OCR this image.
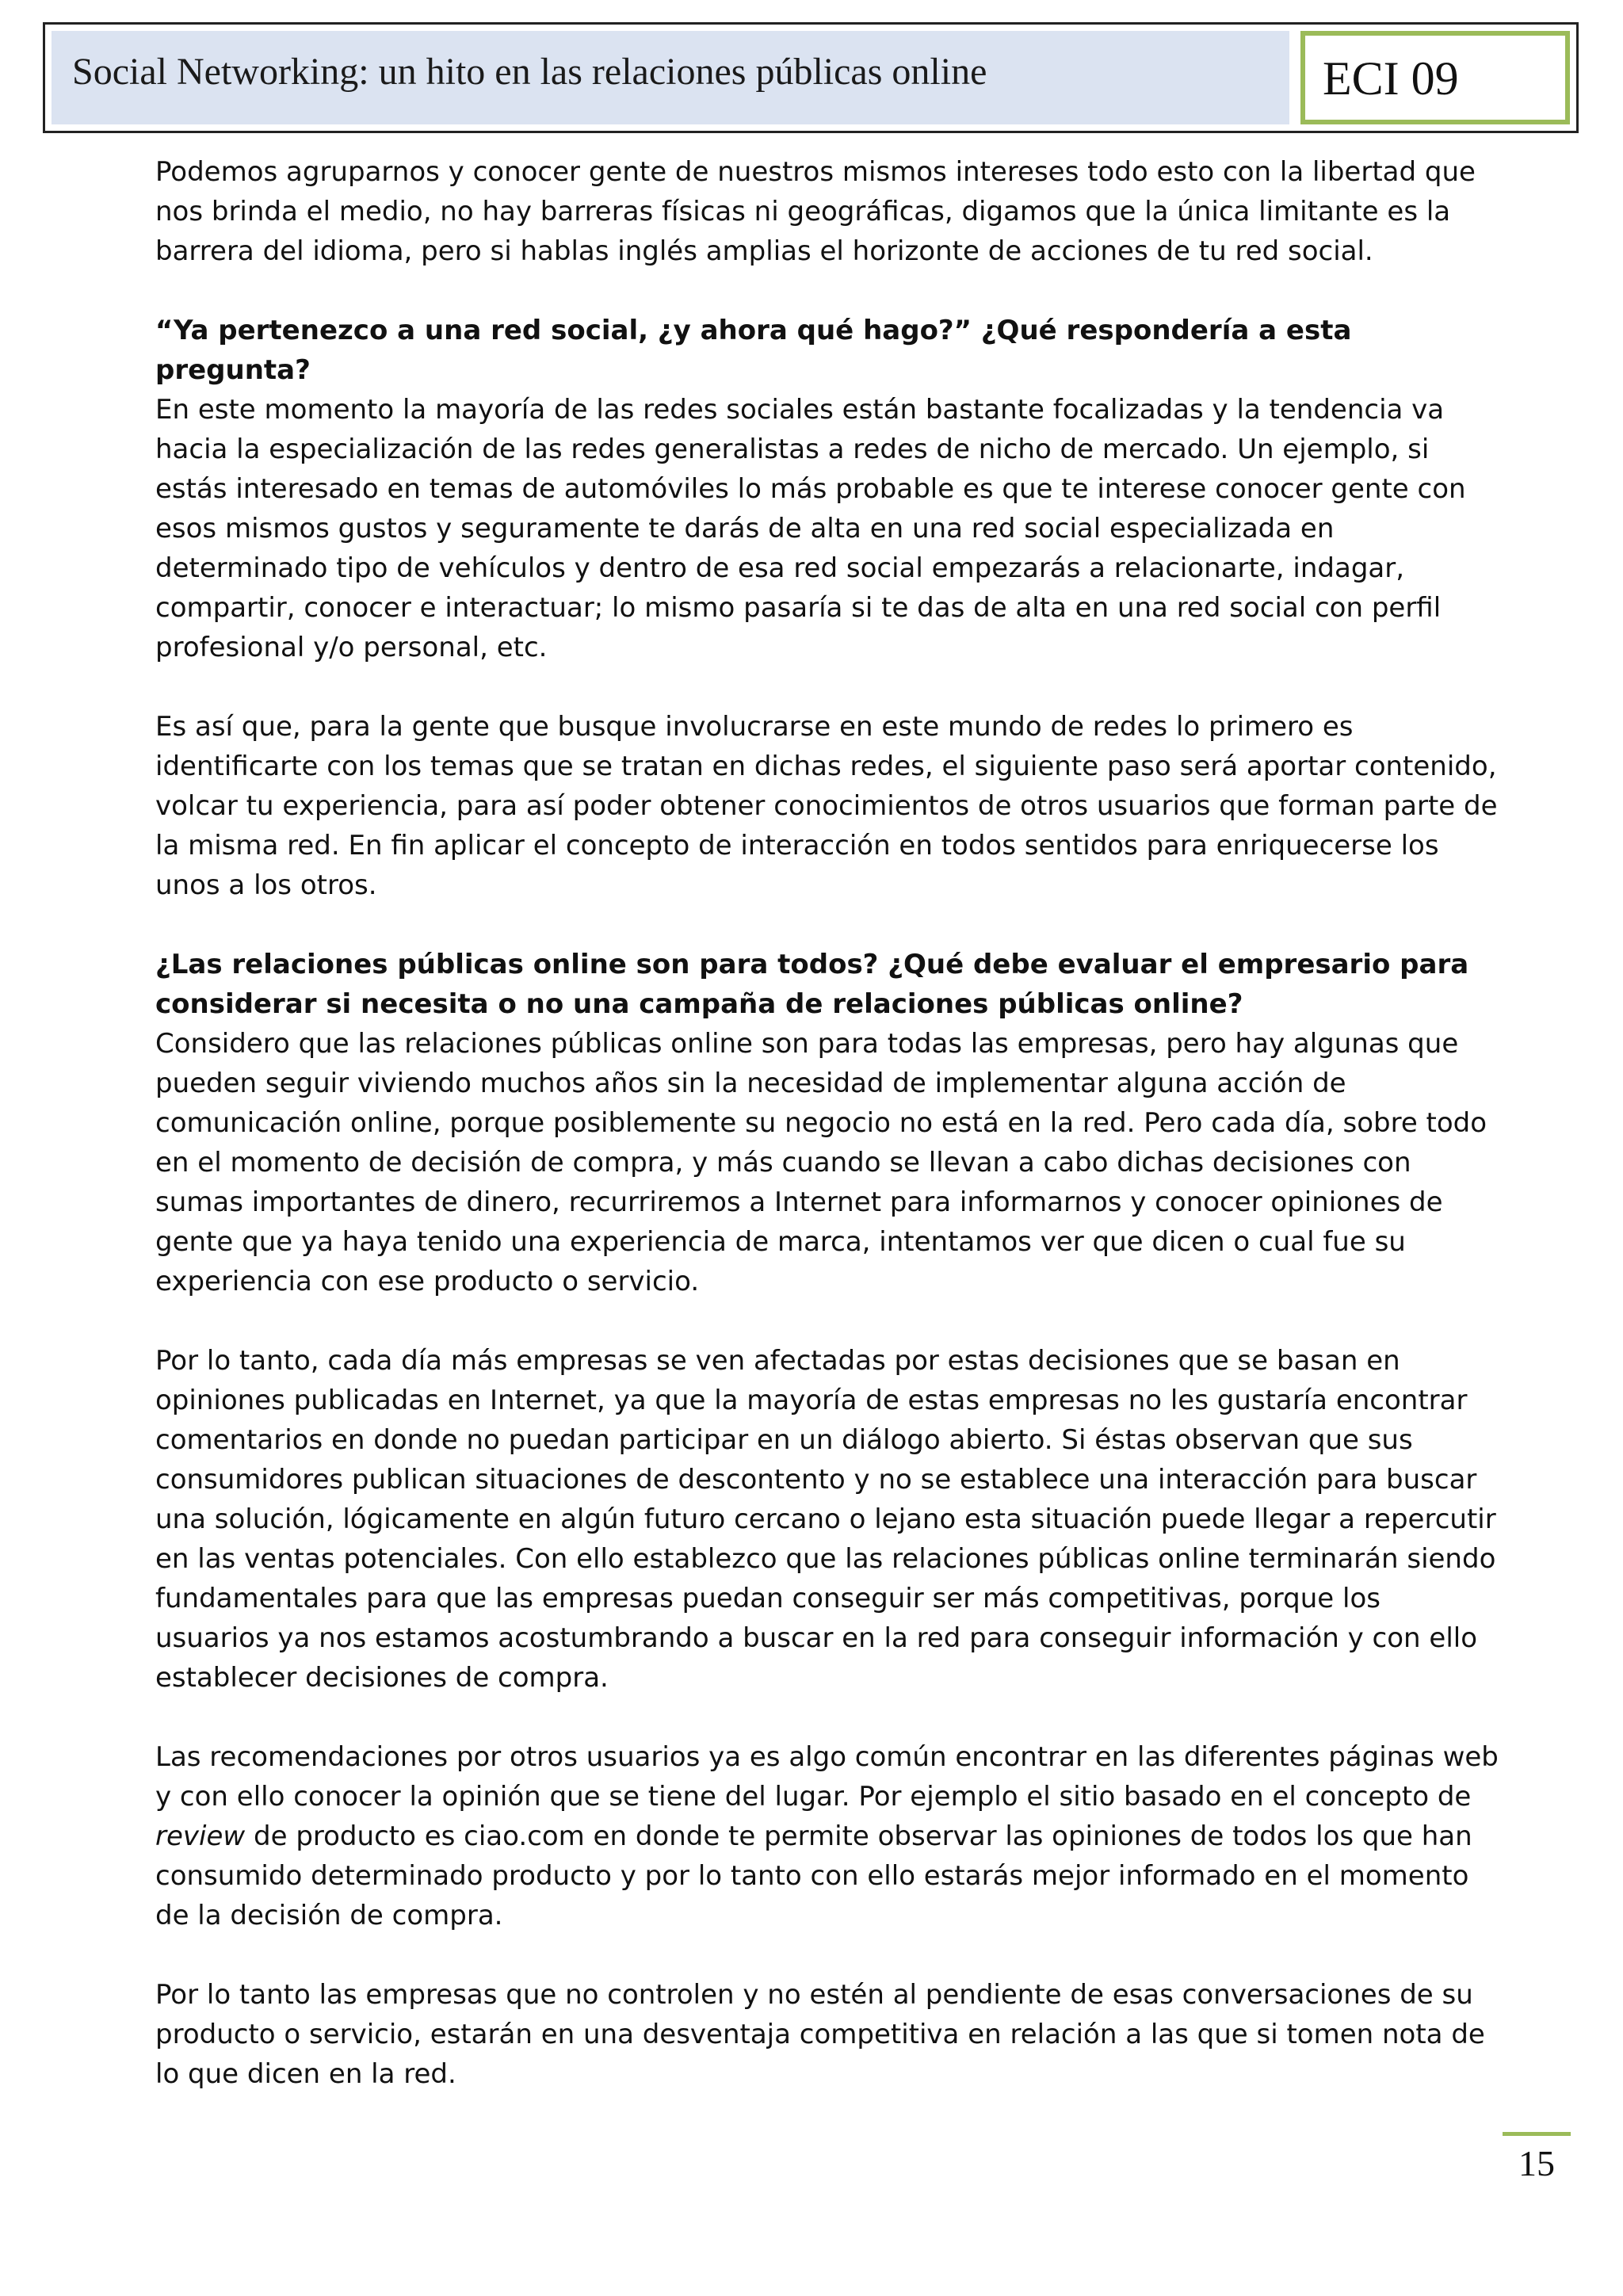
Social Networking: un hito en las relaciones públicas online	ECI 09

Podemos agruparnos y conocer gente de nuestros mismos intereses todo esto con la libertad que nos brinda el medio, no hay barreras físicas ni geográficas, digamos que la única limitante es la barrera del idioma, pero si hablas inglés amplias el horizonte de acciones de tu red social.

“Ya pertenezco a una red social, ¿y ahora qué hago?” ¿Qué respondería a esta pregunta?

En este momento la mayoría de las redes sociales están bastante focalizadas y la tendencia va hacia la especialización de las redes generalistas a redes de nicho de mercado. Un ejemplo, si estás interesado en temas de automóviles lo más probable es que te interese conocer gente con esos mismos gustos y seguramente te darás de alta en una red social especializada en determinado tipo de vehículos y dentro de esa red social empezarás a relacionarte, indagar, compartir, conocer e interactuar; lo mismo pasaría si te das de alta en una red social con perfil profesional y/o personal, etc.

Es así que, para la gente que busque involucrarse en este mundo de redes lo primero es identificarte con los temas que se tratan en dichas redes, el siguiente paso será aportar contenido, volcar tu experiencia, para así poder obtener conocimientos de otros usuarios que forman parte de la misma red. En fin aplicar el concepto de interacción en todos sentidos para enriquecerse los unos a los otros.

¿Las relaciones públicas online son para todos? ¿Qué debe evaluar el empresario para considerar si necesita o no una campaña de relaciones públicas online?

Considero que las relaciones públicas online son para todas las empresas, pero hay algunas que pueden seguir viviendo muchos años sin la necesidad de implementar alguna acción de comunicación online, porque posiblemente su negocio no está en la red. Pero cada día, sobre todo en el momento de decisión de compra, y más cuando se llevan a cabo dichas decisiones con sumas importantes de dinero, recurriremos a Internet para informarnos y conocer opiniones de gente que ya haya tenido una experiencia de marca, intentamos ver que dicen o cual fue su experiencia con ese producto o servicio.

Por lo tanto, cada día más empresas se ven afectadas por estas decisiones que se basan en opiniones publicadas en Internet, ya que la mayoría de estas empresas no les gustaría encontrar comentarios en donde no puedan participar en un diálogo abierto. Si éstas observan que sus consumidores publican situaciones de descontento y no se establece una interacción para buscar una solución, lógicamente en algún futuro cercano o lejano esta situación puede llegar a repercutir en las ventas potenciales. Con ello establezco que las relaciones públicas online terminarán siendo fundamentales para que las empresas puedan conseguir ser más competitivas, porque los usuarios ya nos estamos acostumbrando a buscar en la red para conseguir información y con ello establecer decisiones de compra.

Las recomendaciones por otros usuarios ya es algo común encontrar en las diferentes páginas web y con ello conocer la opinión que se tiene del lugar. Por ejemplo el sitio basado en el concepto de review de producto es ciao.com en donde te permite observar las opiniones de todos los que han consumido determinado producto y por lo tanto con ello estarás mejor informado en el momento de la decisión de compra.

Por lo tanto las empresas que no controlen y no estén al pendiente de esas conversaciones de su producto o servicio, estarán en una desventaja competitiva en relación a las que si tomen nota de lo que dicen en la red.

15
